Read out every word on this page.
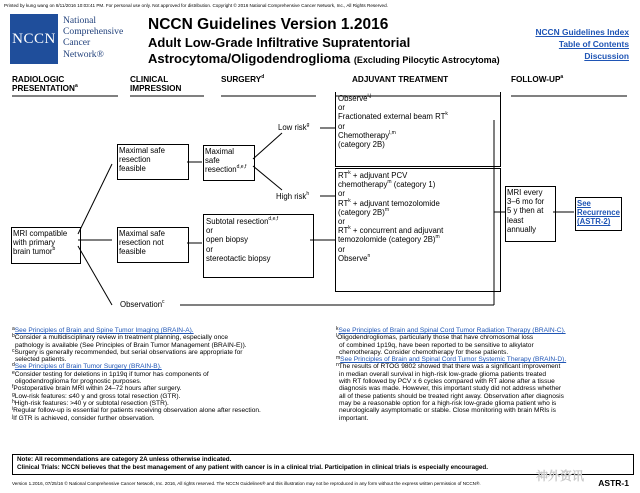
Printed by kung wang on 8/11/2016 10:03:41 PM. For personal use only. Not approved for distribution. Copyright © 2016 National Comprehensive Cancer Network, Inc., All Rights Reserved.
NCCN
National
Comprehensive
Cancer
Network®
NCCN Guidelines Version 1.2016
Adult Low-Grade Infiltrative Supratentorial
Astrocytoma/Oligodendroglioma (Excluding Pilocytic Astrocytoma)
NCCN Guidelines Index
Table of Contents
Discussion
RADIOLOGIC
PRESENTATION$^a$
CLINICAL
IMPRESSION
SURGERY$^d$	ADJUVANT TREATMENT	FOLLOW-$UP^a$
MRI compatible
with primary
brain tumor$^b$
Maximal safe
resection
feasible
Maximal safe
resection not
feasible
Maximal
safe
resection$^{d,e,f}$
Subtotal resection$^{d,e,f}$
or
open biopsy
or
stereotactic biopsy
Observation$^c$
Low risk$^g$
High risk$^h$
Observe$^{i,j}$
or
Fractionated external beam $RT^k$
or
Chemotherapy$^{l,m}$
(category 2B)
$RT^k$ + adjuvant PCV
chemotherapy$^m$ (category 1)
or
$RT^k$ + adjuvant temozolomide
(category 2B)$^m$
or
$RT^k$ + concurrent and adjuvant
temozolomide (category 2B)$^m$
or
Observe$^n$
MRI every
3–6 mo for
5 y then at
least
annually
See
Recurrence
(ASTR-2)
$^a$See Principles of Brain and Spine Tumor Imaging (BRAIN-A).
$^b$Consider a multidisciplinary review in treatment planning, especially once
pathology is available (See Principles of Brain Tumor Management (BRAIN-E)).
$^c$Surgery is generally recommended, but serial observations are appropriate for
selected patients.
$^d$See Principles of Brain Tumor Surgery (BRAIN-B).
$^e$Consider testing for deletions in 1p19q if tumor has components of
oligodendroglioma for prognostic purposes.
$^f$Postoperative brain MRI within 24–72 hours after surgery.
$^g$Low-risk features: ≤40 y and gross total resection (GTR).
$^h$High-risk features: >40 y or subtotal resection (STR).
$^i$Regular follow-up is essential for patients receiving observation alone after resection.
$^j$If GTR is achieved, consider further observation.
$^k$See Principles of Brain and Spinal Cord Tumor Radiation Therapy (BRAIN-C).
$^l$Oligodendrogliomas, particularly those that have chromosomal loss
of combined 1p19q, have been reported to be sensitive to alkylator
chemotherapy. Consider chemotherapy for these patients.
$^m$See Principles of Brain and Spinal Cord Tumor Systemic Therapy (BRAIN-D).
$^n$The results of RTOG 9802 showed that there was a significant improvement
in median overall survival in high-risk low-grade glioma patients treated
with RT followed by PCV x 6 cycles compared with RT alone after a tissue
diagnosis was made. However, this important study did not address whether
all of these patients should be treated right away. Observation after diagnosis
may be a reasonable option for a high-risk low-grade glioma patient who is
neurologically asymptomatic or stable. Close monitoring with brain MRIs is
important.
Note: All recommendations are category 2A unless otherwise indicated.
Clinical Trials: NCCN believes that the best management of any patient with cancer is in a clinical trial. Participation in clinical trials is especially encouraged.
神外资讯
Version 1.2016, 07/25/16 © National Comprehensive Cancer Network, Inc. 2016, All rights reserved. The NCCN Guidelines® and this illustration may not be reproduced in any form without the express written permission of NCCN®.	ASTR-1
